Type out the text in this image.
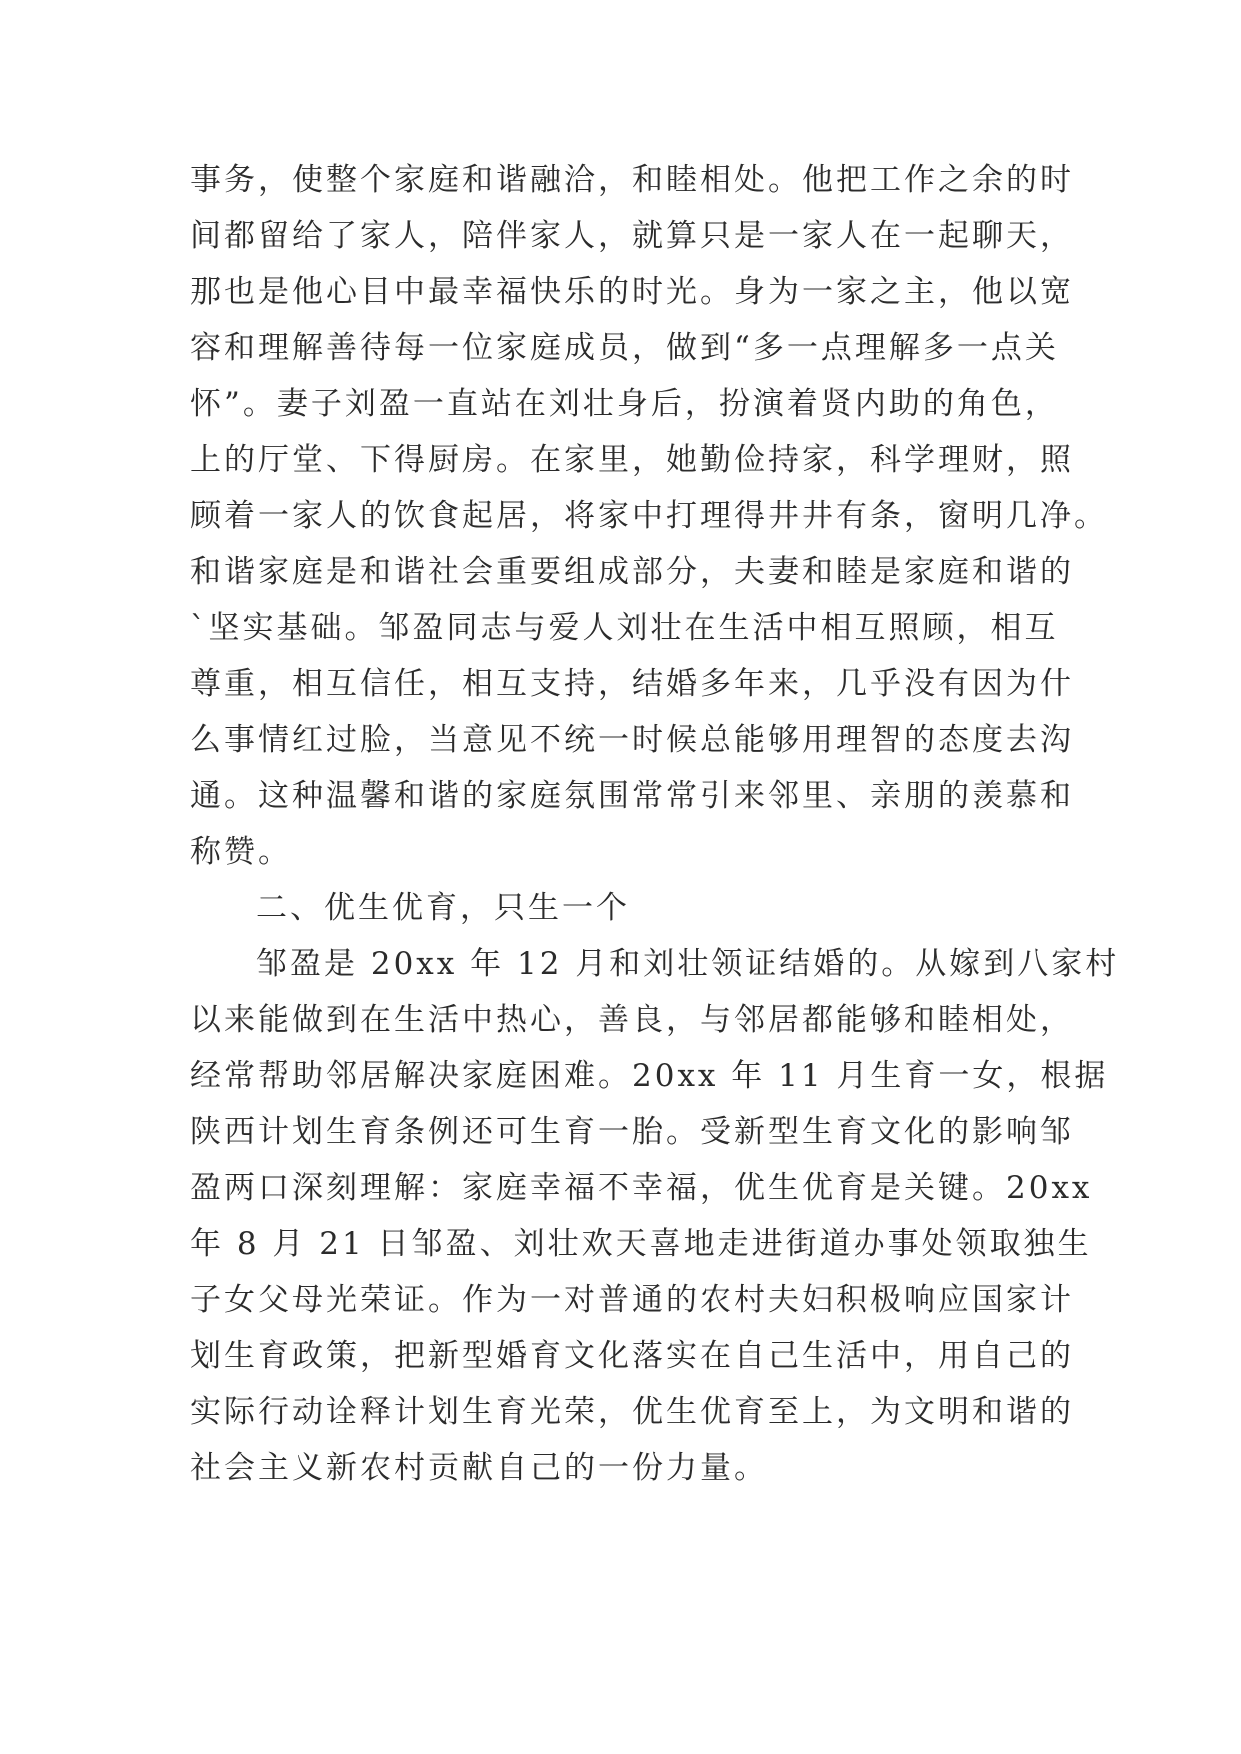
事务，使整个家庭和谐融洽，和睦相处。他把工作之余的时
间都留给了家人，陪伴家人，就算只是一家人在一起聊天，
那也是他心目中最幸福快乐的时光。身为一家之主，他以宽
容和理解善待每一位家庭成员，做到“多一点理解多一点关
怀”。妻子刘盈一直站在刘壮身后，扮演着贤内助的角色，
上的厅堂、下得厨房。在家里，她勤俭持家，科学理财，照
顾着一家人的饮食起居，将家中打理得井井有条，窗明几净。
和谐家庭是和谐社会重要组成部分，夫妻和睦是家庭和谐的
`坚实基础。邹盈同志与爱人刘壮在生活中相互照顾，相互
尊重，相互信任，相互支持，结婚多年来，几乎没有因为什
么事情红过脸，当意见不统一时候总能够用理智的态度去沟
通。这种温馨和谐的家庭氛围常常引来邻里、亲朋的羡慕和
称赞。
二、优生优育，只生一个
邹盈是 20xx 年 12 月和刘壮领证结婚的。从嫁到八家村
以来能做到在生活中热心，善良，与邻居都能够和睦相处，
经常帮助邻居解决家庭困难。20xx 年 11 月生育一女，根据
陕西计划生育条例还可生育一胎。受新型生育文化的影响邹
盈两口深刻理解：家庭幸福不幸福，优生优育是关键。20xx
年 8 月 21 日邹盈、刘壮欢天喜地走进街道办事处领取独生
子女父母光荣证。作为一对普通的农村夫妇积极响应国家计
划生育政策，把新型婚育文化落实在自己生活中，用自己的
实际行动诠释计划生育光荣，优生优育至上，为文明和谐的
社会主义新农村贡献自己的一份力量。
